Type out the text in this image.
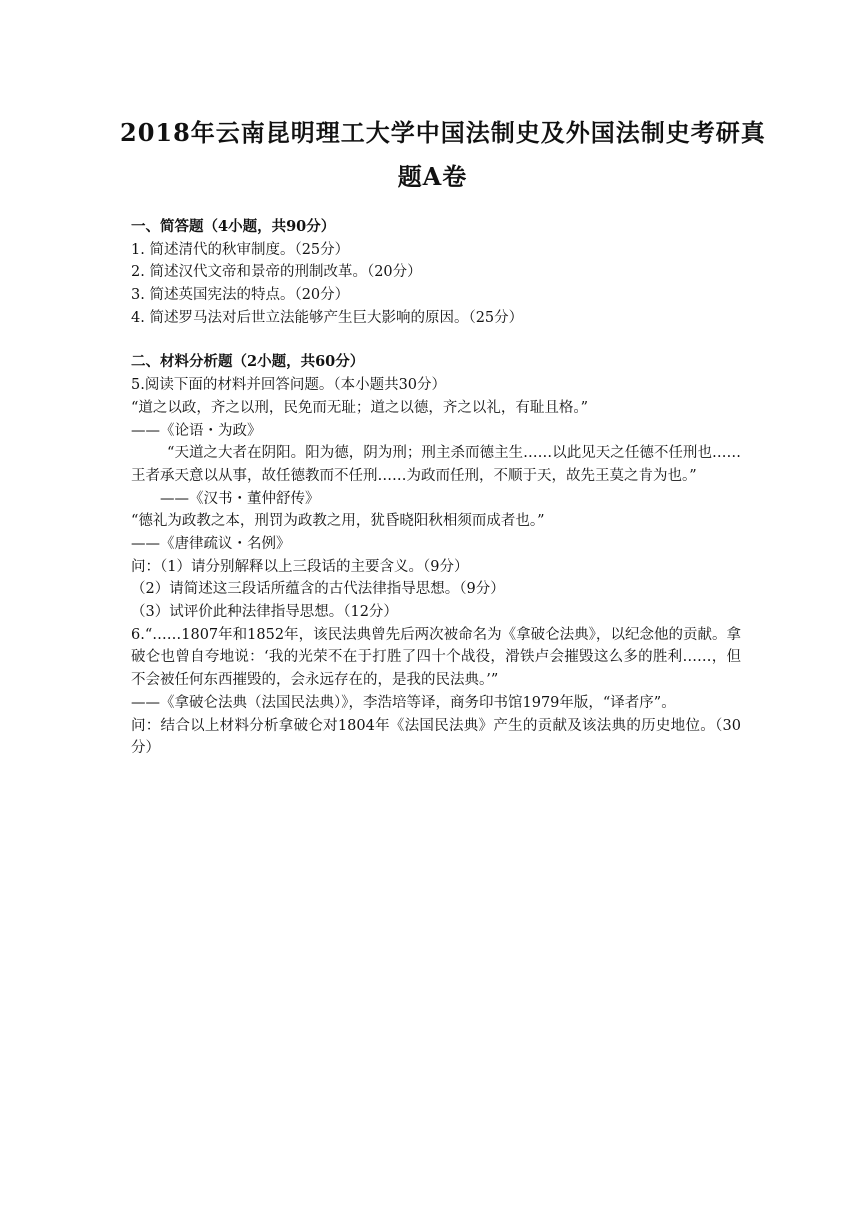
2018年云南昆明理工大学中国法制史及外国法制史考研真
题A卷
一、简答题（4小题，共90分）
1. 简述清代的秋审制度。（25分）
2. 简述汉代文帝和景帝的刑制改革。（20分）
3. 简述英国宪法的特点。（20分）
4. 简述罗马法对后世立法能够产生巨大影响的原因。（25分）
二、材料分析题（2小题，共60分）
5.阅读下面的材料并回答问题。（本小题共30分）
“道之以政，齐之以刑，民免而无耻；道之以德，齐之以礼，有耻且格。”
——《论语・为政》
“天道之大者在阴阳。阳为德，阴为刑；刑主杀而德主生……以此见天之任德不任刑也……王者承天意以从事，故任德教而不任刑……为政而任刑，不顺于天，故先王莫之肯为也。”
——《汉书・董仲舒传》
“德礼为政教之本，刑罚为政教之用，犹昏晓阳秋相须而成者也。”
——《唐律疏议・名例》
问：（1）请分别解释以上三段话的主要含义。（9分）
（2）请简述这三段话所蕴含的古代法律指导思想。（9分）
（3）试评价此种法律指导思想。（12分）
6.“……1807年和1852年，该民法典曾先后两次被命名为《拿破仑法典》，以纪念他的贡献。拿破仑也曾自夸地说：‘我的光荣不在于打胜了四十个战役，滑铁卢会摧毁这么多的胜利……，但不会被任何东西摧毁的，会永远存在的，是我的民法典。’”
——《拿破仑法典（法国民法典）》，李浩培等译，商务印书馆1979年版，“译者序”。
问：结合以上材料分析拿破仑对1804年《法国民法典》产生的贡献及该法典的历史地位。（30分）
